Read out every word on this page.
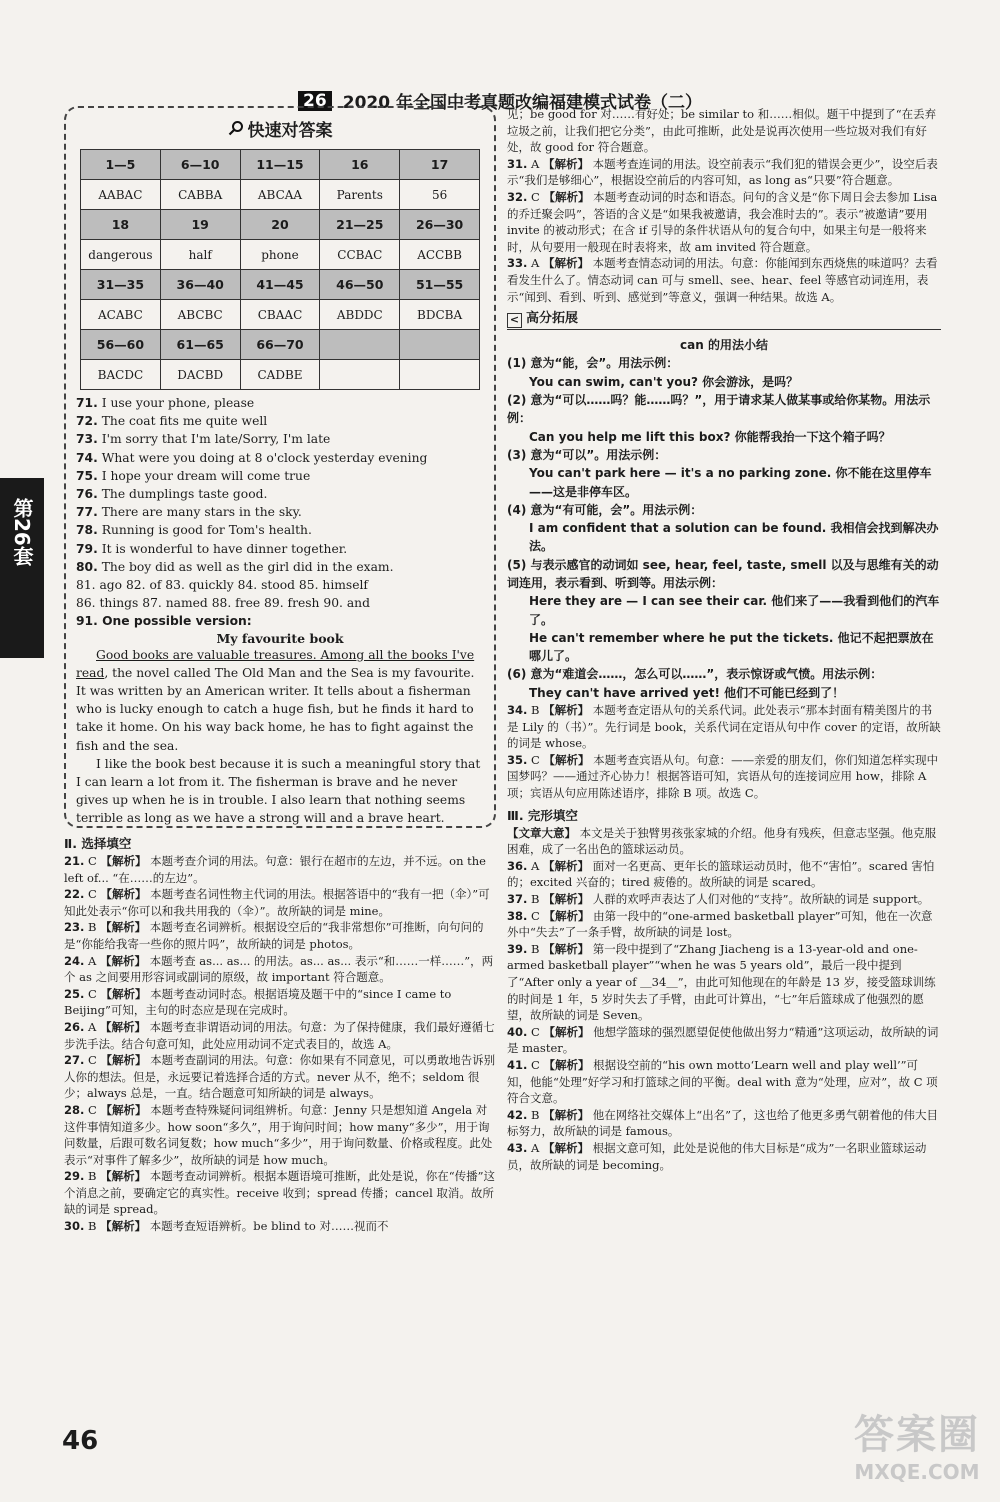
26 2020 年全国中考真题改编福建模式试卷（二）
第26套
快速对答案
1—5	6—10	11—15	16	17
AABAC	CABBA	ABCAA	Parents	56
18	19	20	21—25	26—30
dangerous	half	phone	CCBAC	ACCBB
31—35	36—40	41—45	46—50	51—55
ACABC	ABCBC	CBAAC	ABDDC	BDCBA
56—60	61—65	66—70		
BACDC	DACBD	CADBE		
71. I use your phone, please
72. The coat fits me quite well
73. I'm sorry that I'm late/Sorry, I'm late
74. What were you doing at 8 o'clock yesterday evening
75. I hope your dream will come true
76. The dumplings taste good.
77. There are many stars in the sky.
78. Running is good for Tom's health.
79. It is wonderful to have dinner together.
80. The boy did as well as the girl did in the exam.
81. ago 82. of 83. quickly 84. stood 85. himself
86. things 87. named 88. free 89. fresh 90. and
91. One possible version:
My favourite book

Good books are valuable treasures. Among all the books I've read, the novel called The Old Man and the Sea is my favourite. It was written by an American writer. It tells about a fisherman who is lucky enough to catch a huge fish, but he finds it hard to take it home. On his way back home, he has to fight against the fish and the sea.

I like the book best because it is such a meaningful story that I can learn a lot from it. The fisherman is brave and he never gives up when he is in trouble. I also learn that nothing seems terrible as long as we have a strong will and a brave heart.

Ⅱ. 选择填空

21. C 【解析】 本题考查介词的用法。句意：银行在超市的左边，并不远。on the left of... “在……的左边”。

22. C 【解析】 本题考查名词性物主代词的用法。根据答语中的“我有一把（伞）”可知此处表示“你可以和我共用我的（伞）”。故所缺的词是 mine。

23. B 【解析】 本题考查名词辨析。根据设空后的“我非常想你”可推断，向句问的是“你能给我寄一些你的照片吗”，故所缺的词是 photos。

24. A 【解析】 本题考查 as... as... 的用法。as... as... 表示“和……一样……”，两个 as 之间要用形容词或副词的原级，故 important 符合题意。

25. C 【解析】 本题考查动词时态。根据语境及题干中的“since I came to Beijing”可知，主句的时态应是现在完成时。

26. A 【解析】 本题考查非谓语动词的用法。句意：为了保持健康，我们最好遵循七步洗手法。结合句意可知，此处应用动词不定式表目的，故选 A。

27. C 【解析】 本题考查副词的用法。句意：你如果有不同意见，可以勇敢地告诉别人你的想法。但是，永远要记着选择合适的方式。never 从不，绝不；seldom 很少；always 总是，一直。结合题意可知所缺的词是 always。

28. C 【解析】 本题考查特殊疑问词组辨析。句意：Jenny 只是想知道 Angela 对这件事情知道多少。how soon“多久”，用于询问时间；how many“多少”，用于询问数量，后跟可数名词复数；how much“多少”，用于询问数量、价格或程度。此处表示“对事件了解多少”，故所缺的词是 how much。

29. B 【解析】 本题考查动词辨析。根据本题语境可推断，此处是说，你在“传播”这个消息之前，要确定它的真实性。receive 收到；spread 传播；cancel 取消。故所缺的词是 spread。

30. B 【解析】 本题考查短语辨析。be blind to 对……视而不

见；be good for 对……有好处；be similar to 和……相似。题干中提到了“在丢弃垃圾之前，让我们把它分类”，由此可推断，此处是说再次使用一些垃圾对我们有好处，故 good for 符合题意。

31. A 【解析】 本题考查连词的用法。设空前表示“我们犯的错误会更少”，设空后表示“我们是够细心”，根据设空前后的内容可知，as long as“只要”符合题意。

32. C 【解析】 本题考查动词的时态和语态。问句的含义是“你下周日会去参加 Lisa 的乔迁聚会吗”，答语的含义是“如果我被邀请，我会准时去的”。表示“被邀请”要用 invite 的被动形式；在含 if 引导的条件状语从句的复合句中，如果主句是一般将来时，从句要用一般现在时表将来，故 am invited 符合题意。

33. A 【解析】 本题考查情态动词的用法。句意：你能闻到东西烧焦的味道吗？去看看发生什么了。情态动词 can 可与 smell、see、hear、feel 等感官动词连用，表示“闻到、看到、听到、感觉到”等意义，强调一种结果。故选 A。

< 高分拓展
can 的用法小结
(1) 意为“能，会”。用法示例：
You can swim, can't you? 你会游泳，是吗？
(2) 意为“可以……吗？能……吗？”，用于请求某人做某事或给你某物。用法示例：
Can you help me lift this box? 你能帮我抬一下这个箱子吗？
(3) 意为“可以”。用法示例：
You can't park here — it's a no parking zone. 你不能在这里停车——这是非停车区。
(4) 意为“有可能，会”。用法示例：
I am confident that a solution can be found. 我相信会找到解决办法。
(5) 与表示感官的动词如 see, hear, feel, taste, smell 以及与思维有关的动词连用，表示看到、听到等。用法示例：
Here they are — I can see their car. 他们来了——我看到他们的汽车了。
He can't remember where he put the tickets. 他记不起把票放在哪儿了。
(6) 意为“难道会……，怎么可以……”，表示惊讶或气愤。用法示例：
They can't have arrived yet! 他们不可能已经到了！

34. B 【解析】 本题考查定语从句的关系代词。此处表示“那本封面有精美图片的书是 Lily 的（书）”。先行词是 book，关系代词在定语从句中作 cover 的定语，故所缺的词是 whose。

35. C 【解析】 本题考查宾语从句。句意：——亲爱的朋友们，你们知道怎样实现中国梦吗？——通过齐心协力！根据答语可知，宾语从句的连接词应用 how，排除 A 项；宾语从句应用陈述语序，排除 B 项。故选 C。

Ⅲ. 完形填空

【文章大意】 本文是关于独臂男孩张家城的介绍。他身有残疾，但意志坚强。他克服困难，成了一名出色的篮球运动员。

36. A 【解析】 面对一名更高、更年长的篮球运动员时，他不“害怕”。scared 害怕的；excited 兴奋的；tired 疲倦的。故所缺的词是 scared。

37. B 【解析】 人群的欢呼声表达了人们对他的“支持”。故所缺的词是 support。

38. C 【解析】 由第一段中的“one-armed basketball player”可知，他在一次意外中“失去”了一条手臂，故所缺的词是 lost。

39. B 【解析】 第一段中提到了“Zhang Jiacheng is a 13-year-old and one-armed basketball player”“when he was 5 years old”，最后一段中提到了“After only a year of ＿34＿”，由此可知他现在的年龄是 13 岁，接受篮球训练的时间是 1 年，5 岁时失去了手臂，由此可计算出，“七”年后篮球成了他强烈的愿望，故所缺的词是 Seven。

40. C 【解析】 他想学篮球的强烈愿望促使他做出努力“精通”这项运动，故所缺的词是 master。

41. C 【解析】 根据设空前的“his own motto‘Learn well and play well’”可知，他能“处理”好学习和打篮球之间的平衡。deal with 意为“处理，应对”，故 C 项符合文意。

42. B 【解析】 他在网络社交媒体上“出名”了，这也给了他更多勇气朝着他的伟大目标努力，故所缺的词是 famous。

43. A 【解析】 根据文意可知，此处是说他的伟大目标是“成为”一名职业篮球运动员，故所缺的词是 becoming。

46	答案圈
MXQE.COM
